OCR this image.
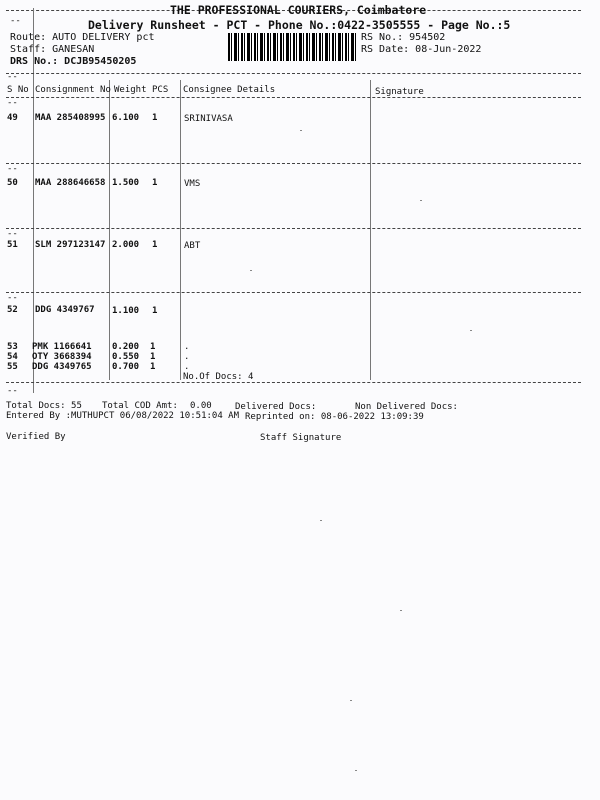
THE PROFESSIONAL COURIERS, Coimbatore
--	Delivery Runsheet - PCT - Phone No.:0422-3505555 - Page No.:5
Route: AUTO DELIVERY pct
Staff: GANESAN
DRS No.: DCJB95450205
RS No.: 954502
RS Date: 08-Jun-2022
--
S No Consignment No Weight PCS Consignee Details	Signature
--
49 MAA 285408995 6.100 1	SRINIVASA
--
50 MAA 288646658 1.500 1	VMS
--
51 SLM 297123147 2.000 1	ABT
--
52 DDG 4349767 1.100 1
53 PMK 1166641 0.200 1	.
54 OTY 3668394 0.550 1	.
55 DDG 4349765 0.700 1	.
No.Of Docs: 4
--
Total Docs: 55 Total COD Amt: 0.00	Delivered Docs:	Non Delivered Docs:
Entered By :MUTHUPCT 06/08/2022 10:51:04 AM Reprinted on: 08-06-2022 13:09:39
Verified By	Staff Signature
